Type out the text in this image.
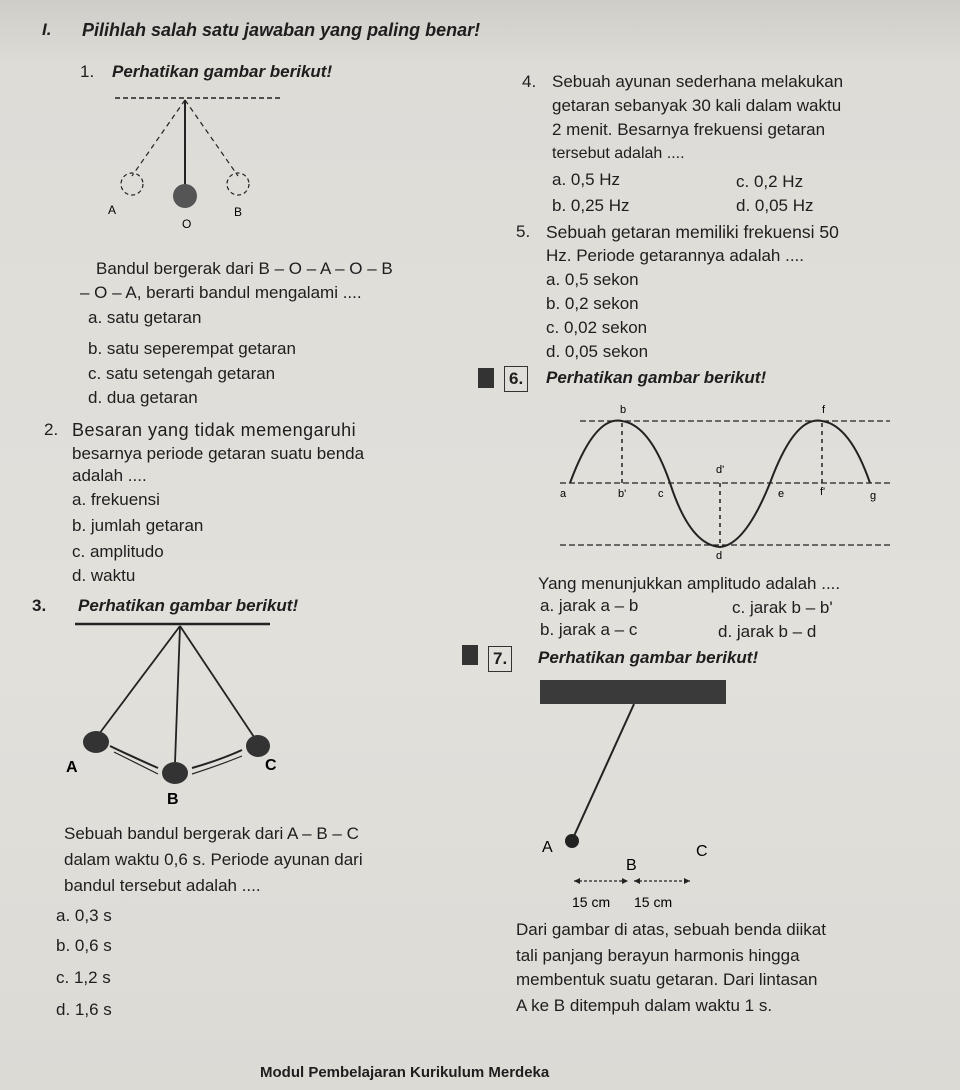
I. Pilihlah salah satu jawaban yang paling benar!
1. Perhatikan gambar berikut!
A
O
B
Bandul bergerak dari B – O – A – O – B
– O – A, berarti bandul mengalami ....
a. satu getaran
b. satu seperempat getaran
c. satu setengah getaran
d. dua getaran
2. Besaran yang tidak memengaruhi
besarnya periode getaran suatu benda
adalah ....
a. frekuensi
b. jumlah getaran
c. amplitudo
d. waktu
3. Perhatikan gambar berikut!
A
B
C
Sebuah bandul bergerak dari A – B – C
dalam waktu 0,6 s. Periode ayunan dari
bandul tersebut adalah ....
a. 0,3 s
b. 0,6 s
c. 1,2 s
d. 1,6 s
4. Sebuah ayunan sederhana melakukan
getaran sebanyak 30 kali dalam waktu
2 menit. Besarnya frekuensi getaran
tersebut adalah ....
a. 0,5 Hz
b. 0,25 Hz
c. 0,2 Hz
d. 0,05 Hz
5. Sebuah getaran memiliki frekuensi 50
Hz. Periode getarannya adalah ....
a. 0,5 sekon
b. 0,2 sekon
c. 0,02 sekon
d. 0,05 sekon
6.	Perhatikan gambar berikut!
b	f
d'
a	b'	c	e	f'	g
d
Yang menunjukkan amplitudo adalah ....
a. jarak a – b
b. jarak a – c
c. jarak b – b'
d. jarak b – d
7.	Perhatikan gambar berikut!
A
B
C
15 cm 15 cm
Dari gambar di atas, sebuah benda diikat
tali panjang berayun harmonis hingga
membentuk suatu getaran. Dari lintasan
A ke B ditempuh dalam waktu 1 s.
Modul Pembelajaran Kurikulum Merdeka
